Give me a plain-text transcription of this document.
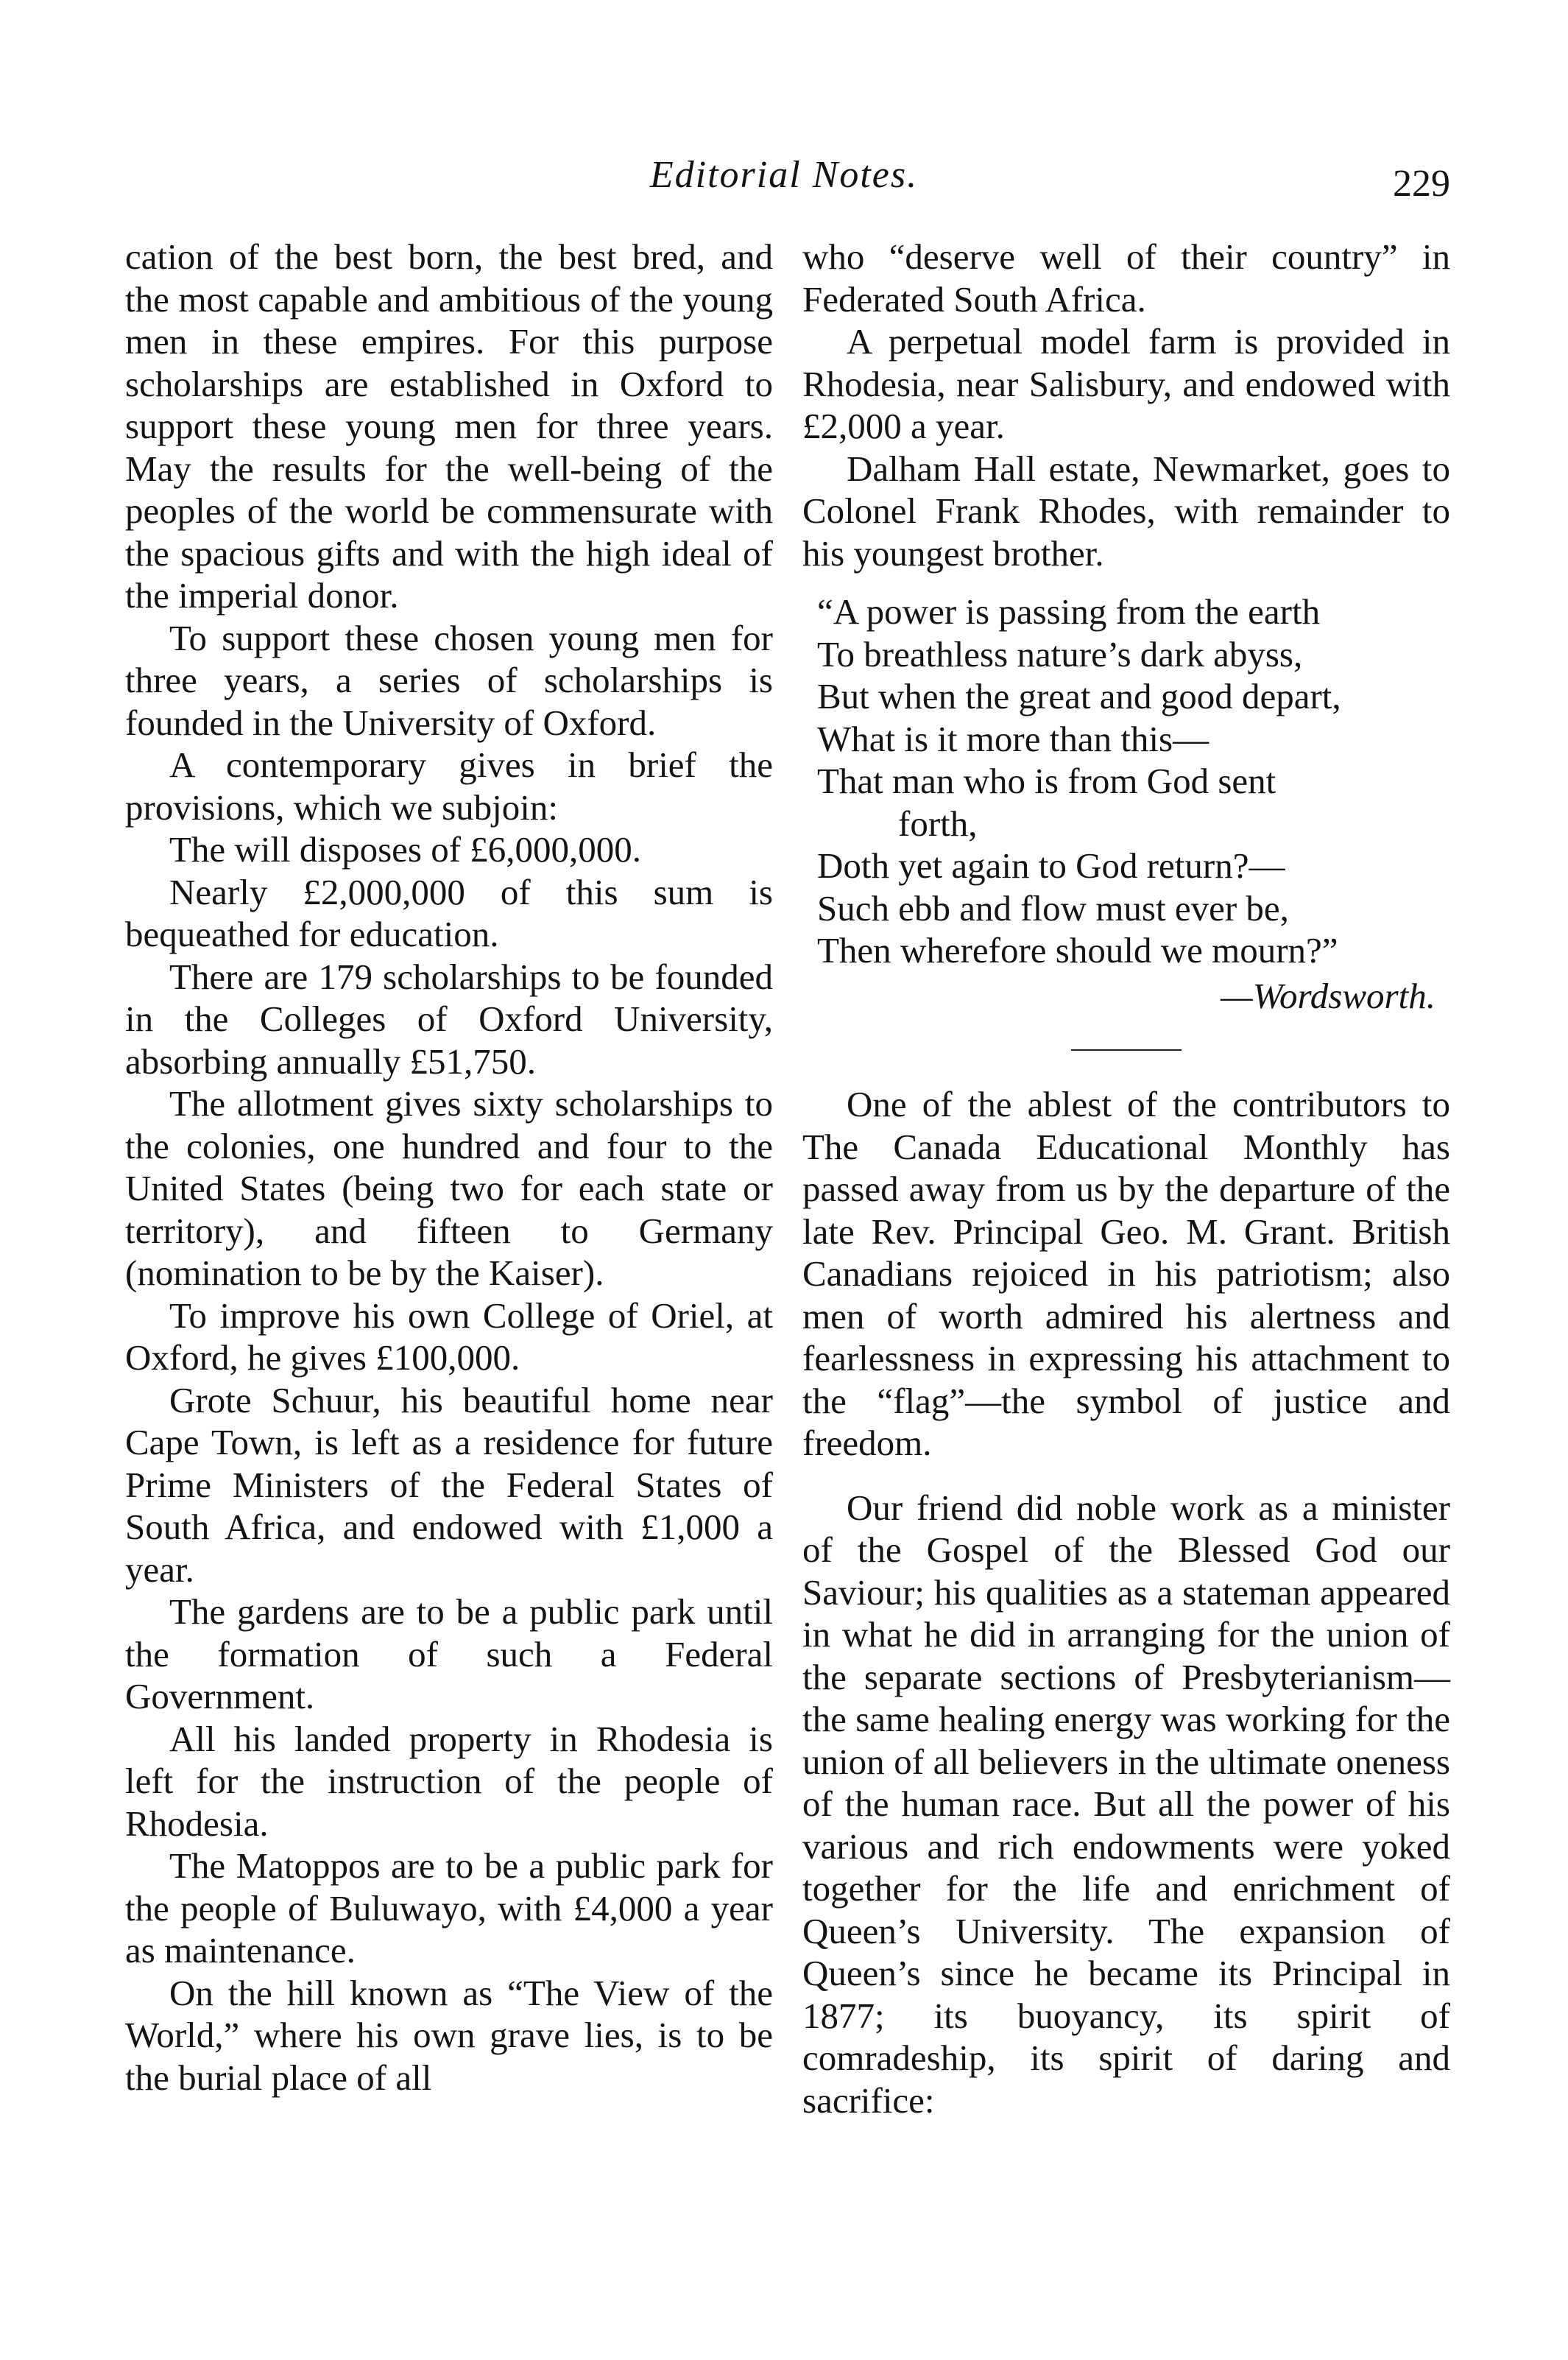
Editorial Notes.	229

cation of the best born, the best bred, and the most capable and ambitious of the young men in these empires. For this purpose scholarships are established in Oxford to support these young men for three years. May the results for the well-being of the peoples of the world be commensurate with the spacious gifts and with the high ideal of the imperial donor.

To support these chosen young men for three years, a series of scholarships is founded in the University of Oxford.

A contemporary gives in brief the provisions, which we subjoin:

The will disposes of £6,000,000.

Nearly £2,000,000 of this sum is bequeathed for education.

There are 179 scholarships to be founded in the Colleges of Oxford University, absorbing annually £51,750.

The allotment gives sixty scholarships to the colonies, one hundred and four to the United States (being two for each state or territory), and fifteen to Germany (nomination to be by the Kaiser).

To improve his own College of Oriel, at Oxford, he gives £100,000.

Grote Schuur, his beautiful home near Cape Town, is left as a residence for future Prime Ministers of the Federal States of South Africa, and endowed with £1,000 a year.

The gardens are to be a public park until the formation of such a Federal Government.

All his landed property in Rhodesia is left for the instruction of the people of Rhodesia.

The Matoppos are to be a public park for the people of Buluwayo, with £4,000 a year as maintenance.

On the hill known as “The View of the World,” where his own grave lies, is to be the burial place of all

who “deserve well of their country” in Federated South Africa.

A perpetual model farm is provided in Rhodesia, near Salisbury, and endowed with £2,000 a year.

Dalham Hall estate, Newmarket, goes to Colonel Frank Rhodes, with remainder to his youngest brother.

“A power is passing from the earth
To breathless nature’s dark abyss,
But when the great and good depart,
What is it more than this—
That man who is from God sent
forth,
Doth yet again to God return?—
Such ebb and flow must ever be,
Then wherefore should we mourn?”
—Wordsworth.

One of the ablest of the contributors to The Canada Educational Monthly has passed away from us by the departure of the late Rev. Principal Geo. M. Grant. British Canadians rejoiced in his patriotism; also men of worth admired his alertness and fearlessness in expressing his attachment to the “flag”—the symbol of justice and freedom.

Our friend did noble work as a minister of the Gospel of the Blessed God our Saviour; his qualities as a stateman appeared in what he did in arranging for the union of the separate sections of Presbyterianism—the same healing energy was working for the union of all believers in the ultimate oneness of the human race. But all the power of his various and rich endowments were yoked together for the life and enrichment of Queen’s University. The expansion of Queen’s since he became its Principal in 1877; its buoyancy, its spirit of comradeship, its spirit of daring and sacrifice:
